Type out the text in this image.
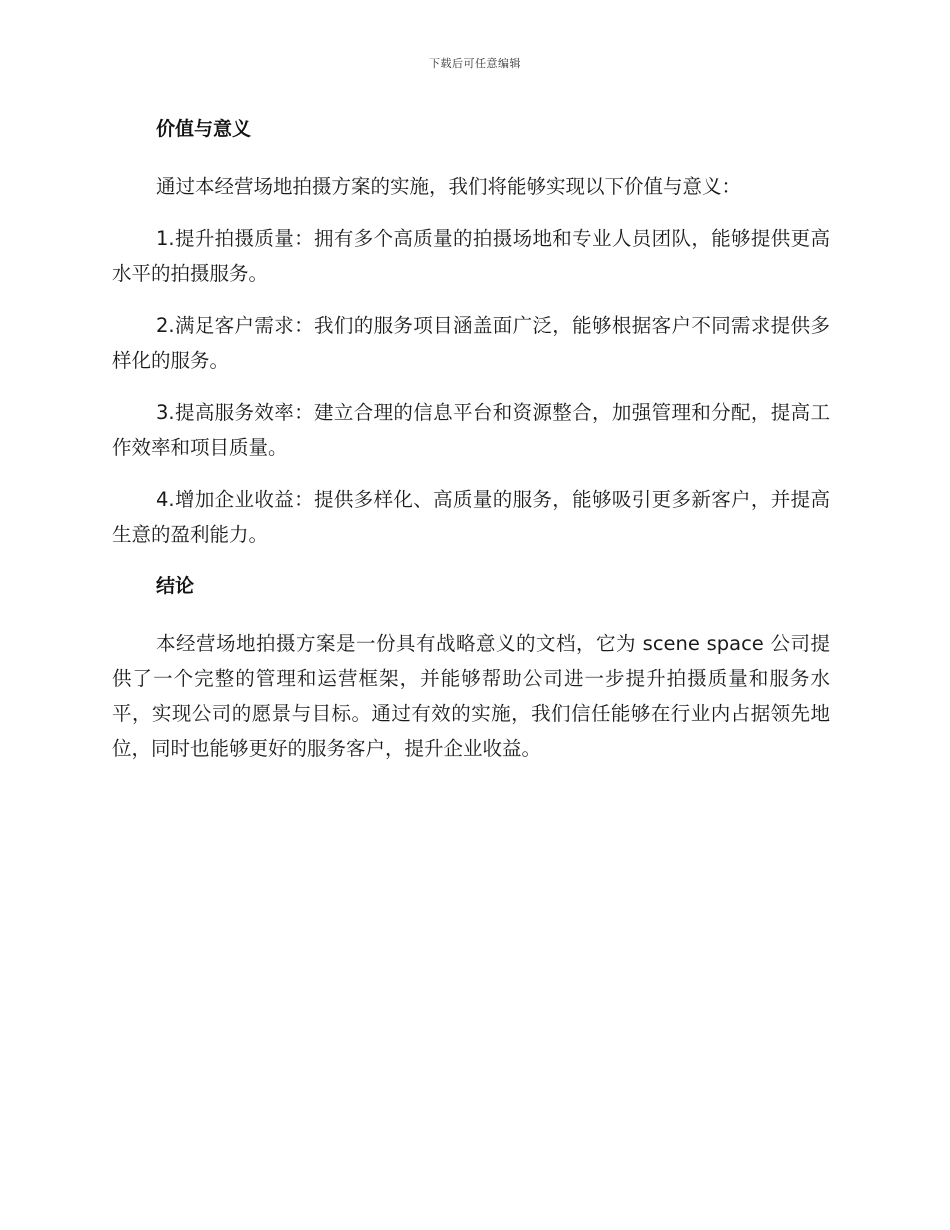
下载后可任意编辑
价值与意义

通过本经营场地拍摄方案的实施，我们将能够实现以下价值与意义：

1.提升拍摄质量：拥有多个高质量的拍摄场地和专业人员团队，能够提供更高水平的拍摄服务。

2.满足客户需求：我们的服务项目涵盖面广泛，能够根据客户不同需求提供多样化的服务。

3.提高服务效率：建立合理的信息平台和资源整合，加强管理和分配，提高工作效率和项目质量。

4.增加企业收益：提供多样化、高质量的服务，能够吸引更多新客户，并提高生意的盈利能力。

结论

本经营场地拍摄方案是一份具有战略意义的文档，它为 scene space 公司提供了一个完整的管理和运营框架，并能够帮助公司进一步提升拍摄质量和服务水平，实现公司的愿景与目标。通过有效的实施，我们信任能够在行业内占据领先地位，同时也能够更好的服务客户，提升企业收益。
